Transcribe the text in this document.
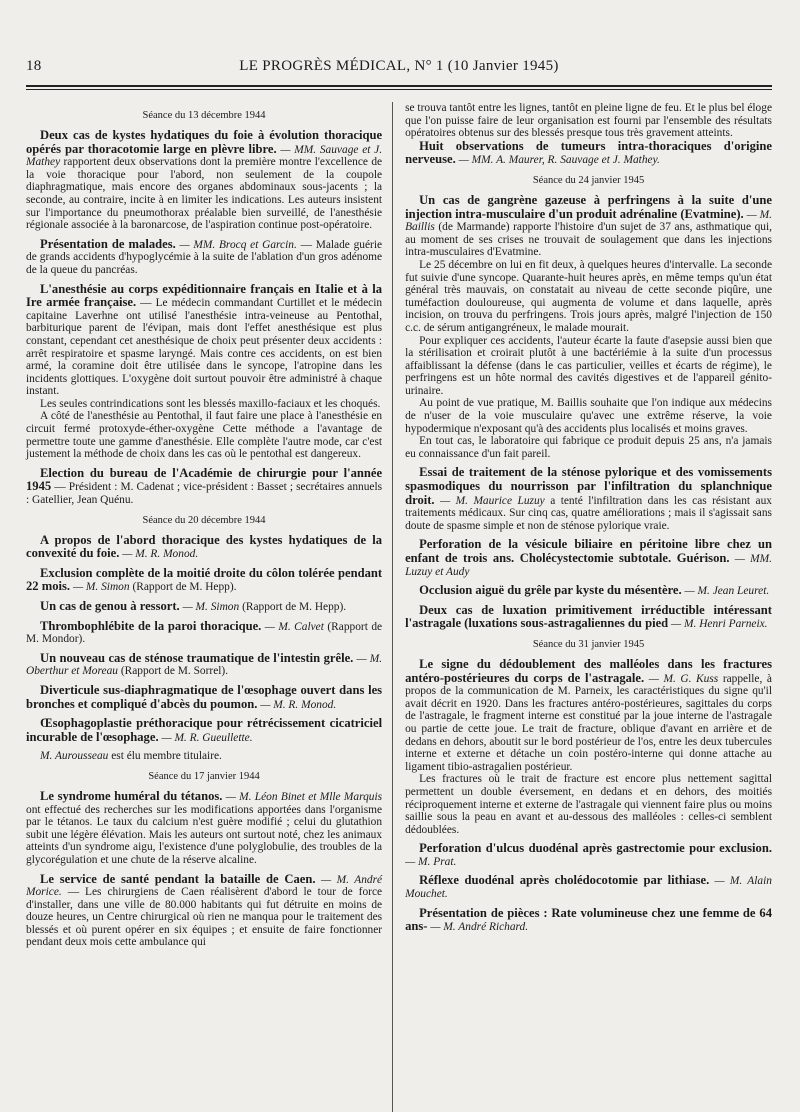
18	LE PROGRÈS MÉDICAL, N° 1 (10 Janvier 1945)
Séance du 13 décembre 1944

Deux cas de kystes hydatiques du foie à évolution thoracique opérés par thoracotomie large en plèvre libre. — MM. Sauvage et J. Mathey rapportent deux observations dont la première montre l'excellence de la voie thoracique pour l'abord, non seulement de la coupole diaphragmatique, mais encore des organes abdominaux sous-jacents ; la seconde, au contraire, incite à en limiter les indications. Les auteurs insistent sur l'importance du pneumothorax préalable bien surveillé, de l'anesthésie régionale associée à la baronarcose, de l'aspiration continue post-opératoire.

Présentation de malades. — MM. Brocq et Garcin. — Malade guérie de grands accidents d'hypoglycémie à la suite de l'ablation d'un gros adénome de la queue du pancréas.

L'anesthésie au corps expéditionnaire français en Italie et à la Ire armée française. — Le médecin commandant Curtillet et le médecin capitaine Laverhne ont utilisé l'anesthésie intra-veineuse au Pentothal, barbiturique parent de l'évipan, mais dont l'effet anesthésique est plus constant, cependant cet anesthésique de choix peut présenter deux accidents : arrêt respiratoire et spasme laryngé. Mais contre ces accidents, on est bien armé, la coramine doit être utilisée dans le syncope, l'atropine dans les incidents glottiques. L'oxygène doit surtout pouvoir être administré à chaque instant.

Les seules contrindications sont les blessés maxillo-faciaux et les choqués.

A côté de l'anesthésie au Pentothal, il faut faire une place à l'anesthésie en circuit fermé protoxyde-éther-oxygène Cette méthode a l'avantage de permettre toute une gamme d'anesthésie. Elle complète l'autre mode, car c'est justement la méthode de choix dans les cas où le pentothal est dangereux.

Election du bureau de l'Académie de chirurgie pour l'année 1945 — Président : M. Cadenat ; vice-président : Basset ; secrétaires annuels : Gatellier, Jean Quénu.

Séance du 20 décembre 1944

A propos de l'abord thoracique des kystes hydatiques de la convexité du foie. — M. R. Monod.

Exclusion complète de la moitié droite du côlon tolérée pendant 22 mois. — M. Simon (Rapport de M. Hepp).

Un cas de genou à ressort. — M. Simon (Rapport de M. Hepp).

Thrombophlébite de la paroi thoracique. — M. Calvet (Rapport de M. Mondor).

Un nouveau cas de sténose traumatique de l'intestin grêle. — M. Oberthur et Moreau (Rapport de M. Sorrel).

Diverticule sus-diaphragmatique de l'œsophage ouvert dans les bronches et compliqué d'abcès du poumon. — M. R. Monod.

Œsophagoplastie préthoracique pour rétrécissement cicatriciel incurable de l'œsophage. — M. R. Gueullette.

M. Aurousseau est élu membre titulaire.

Séance du 17 janvier 1944

Le syndrome huméral du tétanos. — M. Léon Binet et Mlle Marquis ont effectué des recherches sur les modifications apportées dans l'organisme par le tétanos. Le taux du calcium n'est guère modifié ; celui du glutathion subit une légère élévation. Mais les auteurs ont surtout noté, chez les animaux atteints d'un syndrome aigu, l'existence d'une polyglobulie, des troubles de la glycorégulation et une chute de la réserve alcaline.

Le service de santé pendant la bataille de Caen. — M. André Morice. — Les chirurgiens de Caen réalisèrent d'abord le tour de force d'installer, dans une ville de 80.000 habitants qui fut détruite en moins de douze heures, un Centre chirurgical où rien ne manqua pour le traitement des blessés et où purent opérer en six équipes ; et ensuite de faire fonctionner pendant deux mois cette ambulance qui

se trouva tantôt entre les lignes, tantôt en pleine ligne de feu. Et le plus bel éloge que l'on puisse faire de leur organisation est fourni par l'ensemble des résultats opératoires obtenus sur des blessés presque tous très gravement atteints.

Huit observations de tumeurs intra-thoraciques d'origine nerveuse. — MM. A. Maurer, R. Sauvage et J. Mathey.

Séance du 24 janvier 1945

Un cas de gangrène gazeuse à perfringens à la suite d'une injection intra-musculaire d'un produit adrénaline (Evatmine). — M. Baillis (de Marmande) rapporte l'histoire d'un sujet de 37 ans, asthmatique qui, au moment de ses crises ne trouvait de soulagement que dans les injections intra-musculaires d'Evatmine.

Le 25 décembre on lui en fit deux, à quelques heures d'intervalle. La seconde fut suivie d'une syncope. Quarante-huit heures après, en même temps qu'un état général très mauvais, on constatait au niveau de cette seconde piqûre, une tuméfaction douloureuse, qui augmenta de volume et dans laquelle, après incision, on trouva du perfringens. Trois jours après, malgré l'injection de 150 c.c. de sérum antigangréneux, le malade mourait.

Pour expliquer ces accidents, l'auteur écarte la faute d'asepsie aussi bien que la stérilisation et croirait plutôt à une bactériémie à la suite d'un processus affaiblissant la défense (dans le cas particulier, veilles et écarts de régime), le perfringens est un hôte normal des cavités digestives et de l'appareil génito-urinaire.

Au point de vue pratique, M. Baillis souhaite que l'on indique aux médecins de n'user de la voie musculaire qu'avec une extrême réserve, la voie hypodermique n'exposant qu'à des accidents plus localisés et moins graves.

En tout cas, le laboratoire qui fabrique ce produit depuis 25 ans, n'a jamais eu connaissance d'un fait pareil.

Essai de traitement de la sténose pylorique et des vomissements spasmodiques du nourrisson par l'infiltration du splanchnique droit. — M. Maurice Luzuy a tenté l'infiltration dans les cas résistant aux traitements médicaux. Sur cinq cas, quatre améliorations ; mais il s'agissait sans doute de spasme simple et non de sténose pylorique vraie.

Perforation de la vésicule biliaire en péritoine libre chez un enfant de trois ans. Cholécystectomie subtotale. Guérison. — MM. Luzuy et Audy

Occlusion aiguë du grêle par kyste du mésentère. — M. Jean Leuret.

Deux cas de luxation primitivement irréductible intéressant l'astragale (luxations sous-astragaliennes du pied — M. Henri Parneix.

Séance du 31 janvier 1945

Le signe du dédoublement des malléoles dans les fractures antéro-postérieures du corps de l'astragale. — M. G. Kuss rappelle, à propos de la communication de M. Parneix, les caractéristiques du signe qu'il avait décrit en 1920. Dans les fractures antéro-postérieures, sagittales du corps de l'astragale, le fragment interne est constitué par la joue interne de l'astragale ou partie de cette joue. Le trait de fracture, oblique d'avant en arrière et de dedans en dehors, aboutit sur le bord postérieur de l'os, entre les deux tubercules interne et externe et détache un coin postéro-interne qui donne attache au ligament tibio-astragalien postérieur.

Les fractures où le trait de fracture est encore plus nettement sagittal permettent un double éversement, en dedans et en dehors, des moitiés réciproquement interne et externe de l'astragale qui viennent faire plus ou moins saillie sous la peau en avant et au-dessous des malléoles : celles-ci semblent dédoublées.

Perforation d'ulcus duodénal après gastrectomie pour exclusion. — M. Prat.

Réflexe duodénal après cholédocotomie par lithiase. — M. Alain Mouchet.

Présentation de pièces : Rate volumineuse chez une femme de 64 ans- — M. André Richard.
